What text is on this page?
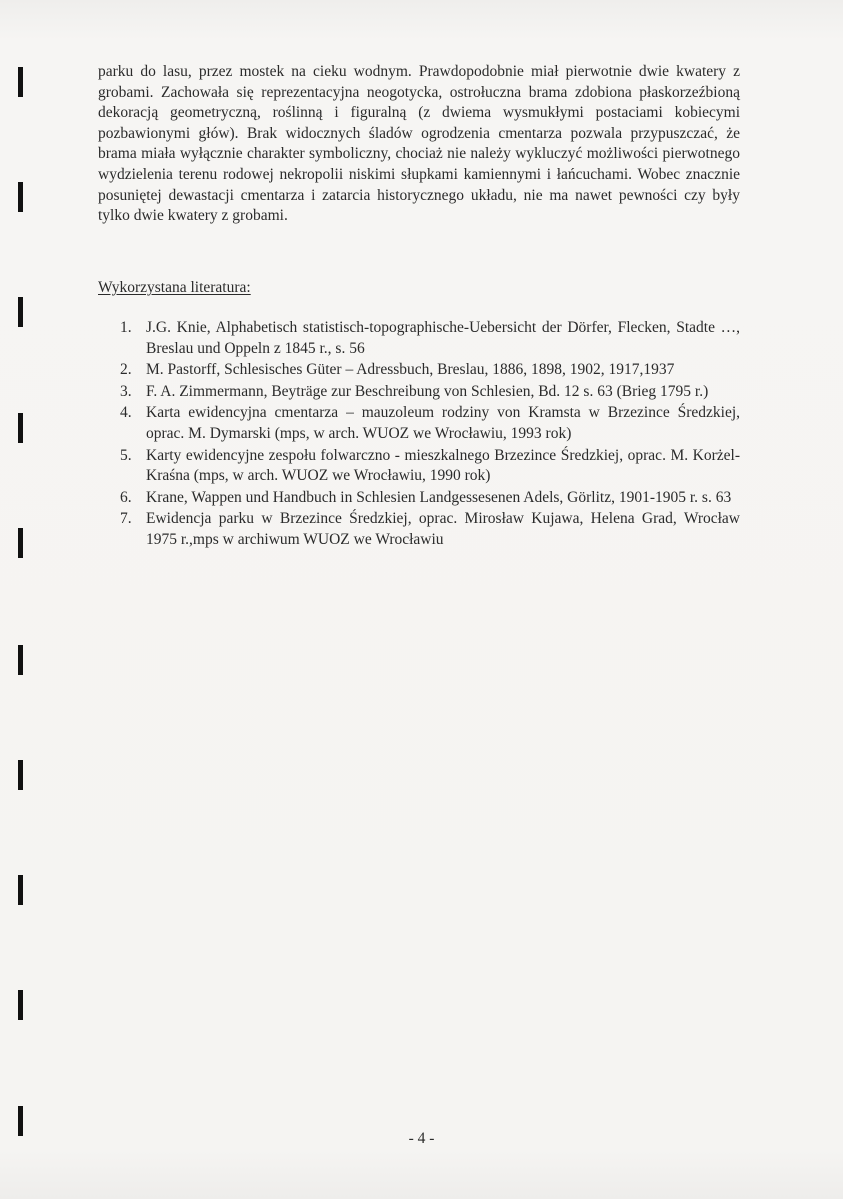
parku do lasu, przez mostek na cieku wodnym. Prawdopodobnie miał pierwotnie dwie kwatery z grobami. Zachowała się reprezentacyjna neogotycka, ostrołuczna brama zdobiona płaskorzeźbioną dekoracją geometryczną, roślinną i figuralną (z dwiema wysmukłymi postaciami kobiecymi pozbawionymi głów). Brak widocznych śladów ogrodzenia cmentarza pozwala przypuszczać, że brama miała wyłącznie charakter symboliczny, chociaż nie należy wykluczyć możliwości pierwotnego wydzielenia terenu rodowej nekropolii niskimi słupkami kamiennymi i łańcuchami. Wobec znacznie posuniętej dewastacji cmentarza i zatarcia historycznego układu, nie ma nawet pewności czy były tylko dwie kwatery z grobami.

Wykorzystana literatura:

1. J.G. Knie, Alphabetisch statistisch-topographische-Uebersicht der Dörfer, Flecken, Stadte …, Breslau und Oppeln z 1845 r., s. 56
2. M. Pastorff, Schlesisches Güter – Adressbuch, Breslau, 1886, 1898, 1902, 1917,1937
3. F. A. Zimmermann, Beyträge zur Beschreibung von Schlesien, Bd. 12 s. 63 (Brieg 1795 r.)
4. Karta ewidencyjna cmentarza – mauzoleum rodziny von Kramsta w Brzezince Średzkiej, oprac. M. Dymarski (mps, w arch. WUOZ we Wrocławiu, 1993 rok)
5. Karty ewidencyjne zespołu folwarczno - mieszkalnego Brzezince Średzkiej, oprac. M. Korżel-Kraśna (mps, w arch. WUOZ we Wrocławiu, 1990 rok)
6. Krane, Wappen und Handbuch in Schlesien Landgessesenen Adels, Görlitz, 1901-1905 r. s. 63
7. Ewidencja parku w Brzezince Średzkiej, oprac. Mirosław Kujawa, Helena Grad, Wrocław 1975 r.,mps w archiwum WUOZ we Wrocławiu

- 4 -
